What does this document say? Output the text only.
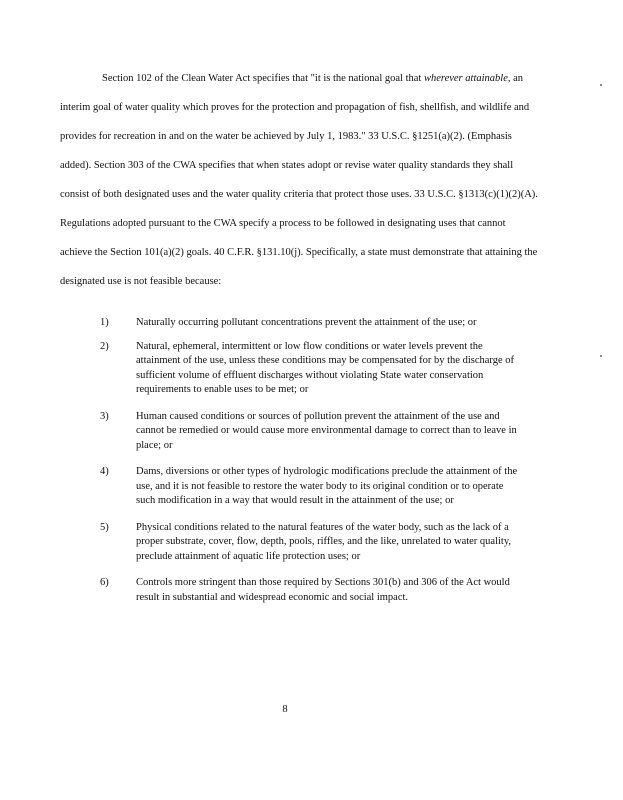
Section 102 of the Clean Water Act specifies that "it is the national goal that wherever attainable, an interim goal of water quality which proves for the protection and propagation of fish, shellfish, and wildlife and provides for recreation in and on the water be achieved by July 1, 1983." 33 U.S.C. §1251(a)(2). (Emphasis added). Section 303 of the CWA specifies that when states adopt or revise water quality standards they shall consist of both designated uses and the water quality criteria that protect those uses. 33 U.S.C. §1313(c)(1)(2)(A). Regulations adopted pursuant to the CWA specify a process to be followed in designating uses that cannot achieve the Section 101(a)(2) goals. 40 C.F.R. §131.10(j). Specifically, a state must demonstrate that attaining the designated use is not feasible because:

1)	Naturally occurring pollutant concentrations prevent the attainment of the use; or
2)	Natural, ephemeral, intermittent or low flow conditions or water levels prevent the attainment of the use, unless these conditions may be compensated for by the discharge of sufficient volume of effluent discharges without violating State water conservation requirements to enable uses to be met; or
3)	Human caused conditions or sources of pollution prevent the attainment of the use and cannot be remedied or would cause more environmental damage to correct than to leave in place; or
4)	Dams, diversions or other types of hydrologic modifications preclude the attainment of the use, and it is not feasible to restore the water body to its original condition or to operate such modification in a way that would result in the attainment of the use; or
5)	Physical conditions related to the natural features of the water body, such as the lack of a proper substrate, cover, flow, depth, pools, riffles, and the like, unrelated to water quality, preclude attainment of aquatic life protection uses; or
6)	Controls more stringent than those required by Sections 301(b) and 306 of the Act would result in substantial and widespread economic and social impact.
8
